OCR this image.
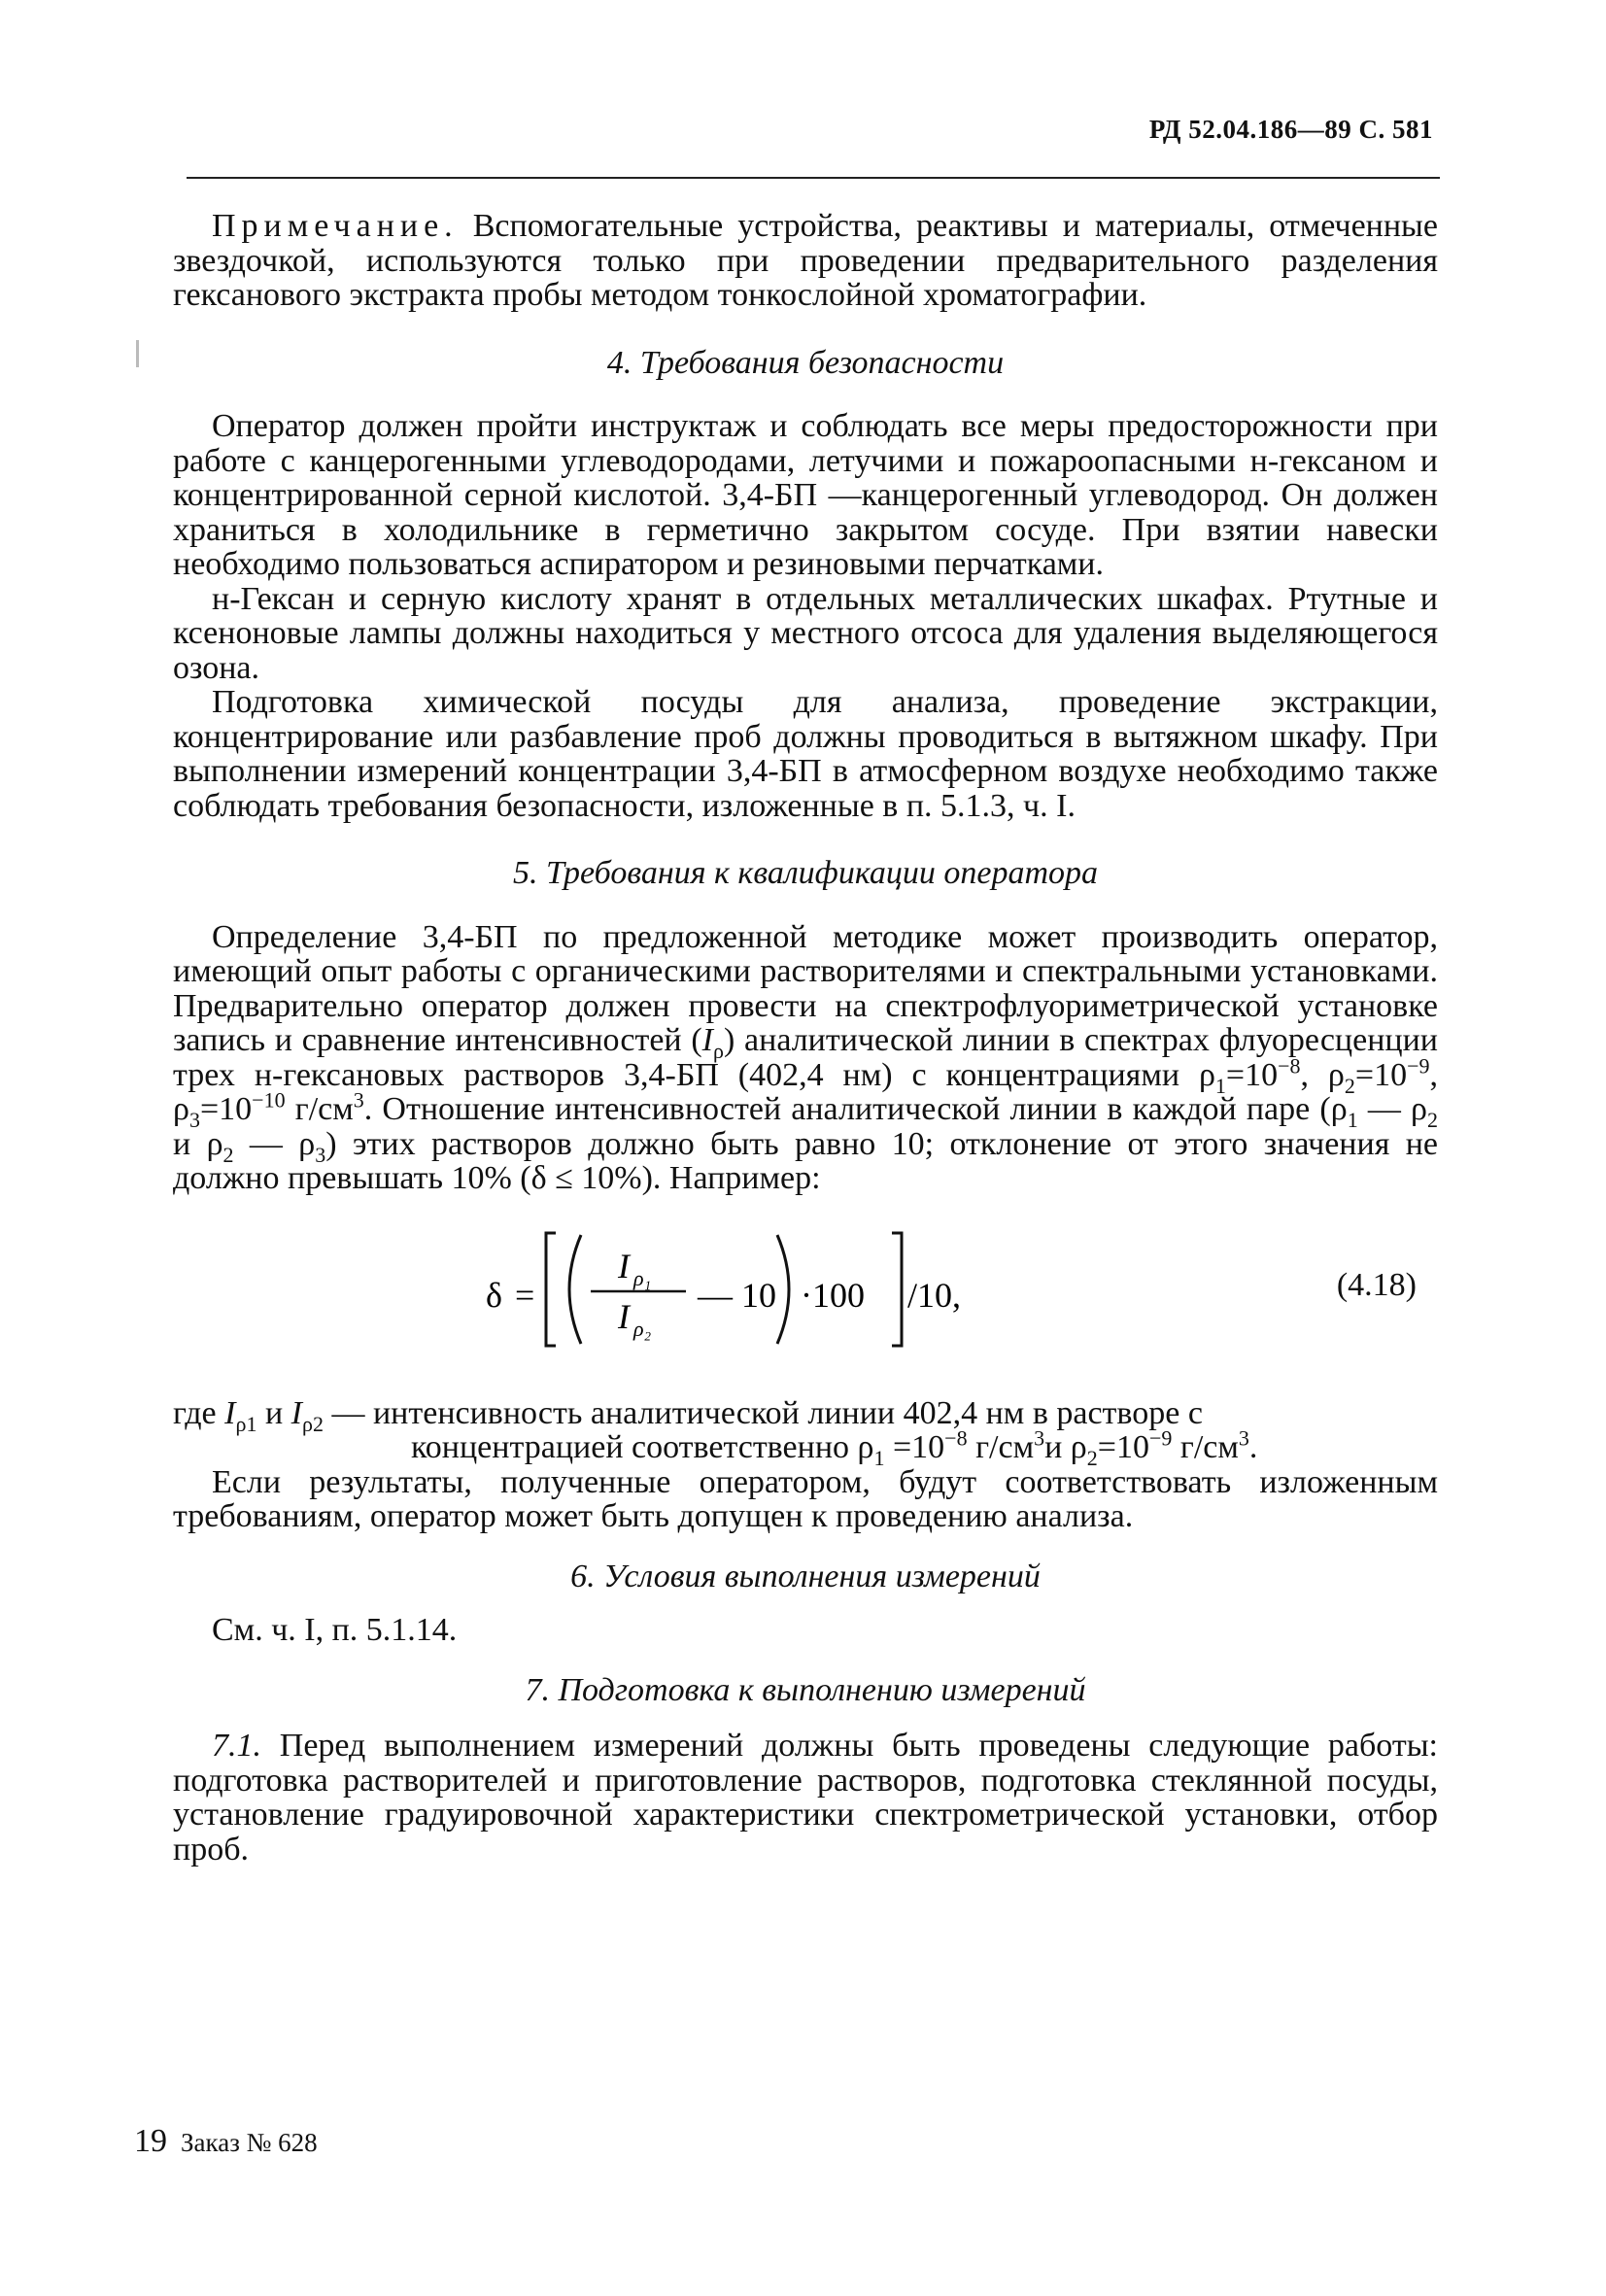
РД 52.04.186—89 С. 581

Примечание. Вспомогательные устройства, реактивы и материалы, отмеченные звездочкой, используются только при проведении предварительного разделения гексанового экстракта пробы методом тонкослойной хроматографии.

4. Требования безопасности

Оператор должен пройти инструктаж и соблюдать все меры предосторожности при работе с канцерогенными углеводородами, летучими и пожароопасными н-гексаном и концентрированной серной кислотой. 3,4-БП —канцерогенный углеводород. Он должен храниться в холодильнике в герметично закрытом сосуде. При взятии навески необходимо пользоваться аспиратором и резиновыми перчатками.

н-Гексан и серную кислоту хранят в отдельных металлических шкафах. Ртутные и ксеноновые лампы должны находиться у местного отсоса для удаления выделяющегося озона.

Подготовка химической посуды для анализа, проведение экстракции, концентрирование или разбавление проб должны проводиться в вытяжном шкафу. При выполнении измерений концентрации 3,4-БП в атмосферном воздухе необходимо также соблюдать требования безопасности, изложенные в п. 5.1.3, ч. I.

5. Требования к квалификации оператора

Определение 3,4-БП по предложенной методике может производить оператор, имеющий опыт работы с органическими растворителями и спектральными установками. Предварительно оператор должен провести на спектрофлуориметрической установке запись и сравнение интенсивностей $(I_\rho)$ аналитической линии в спектрах флуоресценции трех н-гексановых растворов 3,4-БП (402,4 нм) с концентрациями $\rho_1=10^{-8}$, $\rho_2=10^{-9}$, $\rho_3=10^{-10}$ $г/см^3$. Отношение интенсивностей аналитической линии в каждой паре ($\rho_1$ — $\rho_2$ и $\rho_2$ — $\rho_3$) этих растворов должно быть равно 10; отклонение от этого значения не должно превышать 10% (δ ≤ 10%). Например:

δ =
I ρ₁
I ρ₂
— 10 ·100 /10,	(4.18)

где $I_{\rho 1}$ и $I_{\rho 2}$ — интенсивность аналитической линии 402,4 нм в растворе с

концентрацией соответственно $\rho_1 =10^{-8}$ $г/см^3и$ $\rho_2=10^{-9}$ $г/см^3$.

Если результаты, полученные оператором, будут соответствовать изложенным требованиям, оператор может быть допущен к проведению анализа.

6. Условия выполнения измерений

См. ч. I, п. 5.1.14.

7. Подготовка к выполнению измерений

7.1. Перед выполнением измерений должны быть проведены следующие работы: подготовка растворителей и приготовление растворов, подготовка стеклянной посуды, установление градуировочной характеристики спектрометрической установки, отбор проб.

19 Заказ № 628
